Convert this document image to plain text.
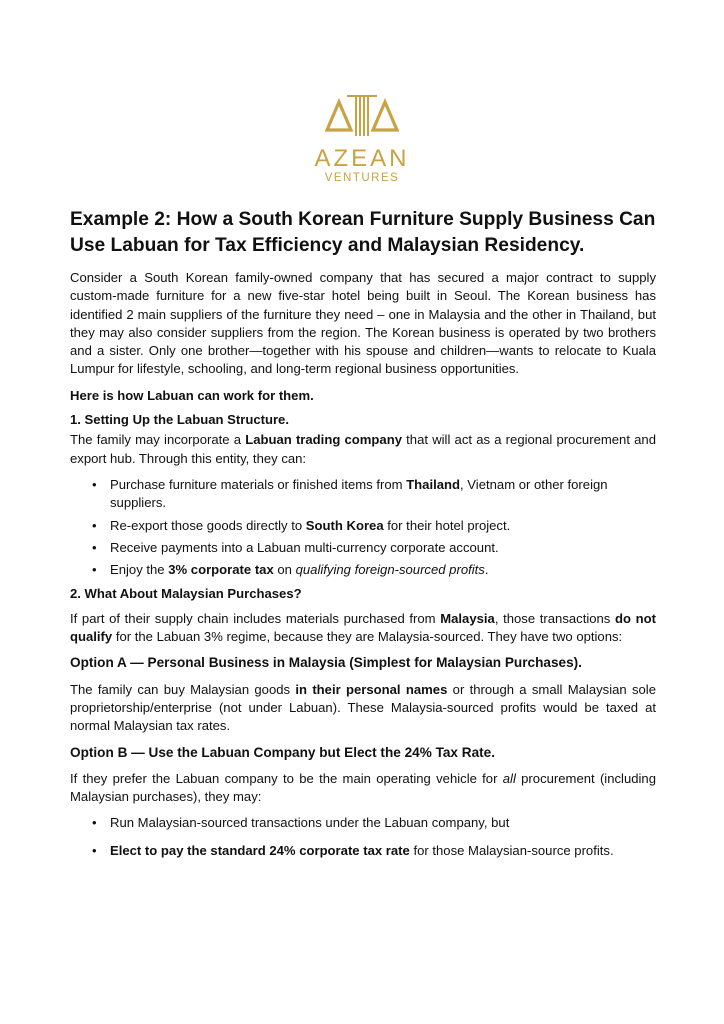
AZEAN
VENTURES
Example 2: How a South Korean Furniture Supply Business Can Use Labuan for Tax Efficiency and Malaysian Residency.

Consider a South Korean family-owned company that has secured a major contract to supply custom-made furniture for a new five-star hotel being built in Seoul. The Korean business has identified 2 main suppliers of the furniture they need – one in Malaysia and the other in Thailand, but they may also consider suppliers from the region. The Korean business is operated by two brothers and a sister. Only one brother—together with his spouse and children—wants to relocate to Kuala Lumpur for lifestyle, schooling, and long-term regional business opportunities.

Here is how Labuan can work for them.

1. Setting Up the Labuan Structure.

The family may incorporate a Labuan trading company that will act as a regional procurement and export hub. Through this entity, they can:

• Purchase furniture materials or finished items from Thailand, Vietnam or other foreign suppliers.
• Re-export those goods directly to South Korea for their hotel project.
• Receive payments into a Labuan multi-currency corporate account.
• Enjoy the 3% corporate tax on qualifying foreign-sourced profits.

2. What About Malaysian Purchases?

If part of their supply chain includes materials purchased from Malaysia, those transactions do not qualify for the Labuan 3% regime, because they are Malaysia-sourced. They have two options:

Option A — Personal Business in Malaysia (Simplest for Malaysian Purchases).

The family can buy Malaysian goods in their personal names or through a small Malaysian sole proprietorship/enterprise (not under Labuan). These Malaysia-sourced profits would be taxed at normal Malaysian tax rates.

Option B — Use the Labuan Company but Elect the 24% Tax Rate.

If they prefer the Labuan company to be the main operating vehicle for all procurement (including Malaysian purchases), they may:

• Run Malaysian-sourced transactions under the Labuan company, but
• Elect to pay the standard 24% corporate tax rate for those Malaysian-source profits.
